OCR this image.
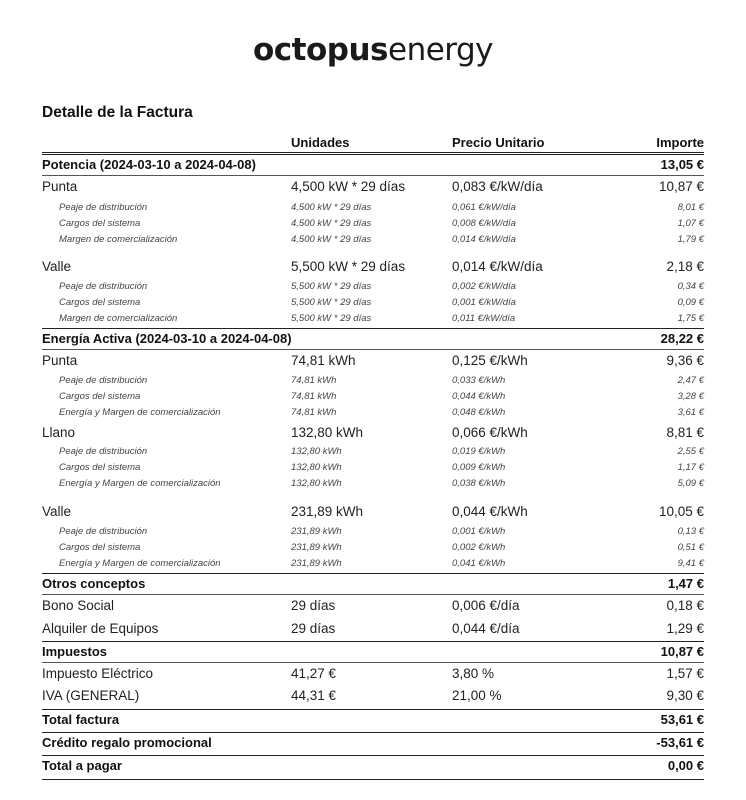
octopusenergy
Detalle de la Factura
Unidades	Precio Unitario	Importe
Potencia (2024-03-10 a 2024-04-08)	13,05 €
Punta	4,500 kW * 29 días	0,083 €/kW/día	10,87 €
Peaje de distribución	4,500 kW * 29 días	0,061 €/kW/día	8,01 €
Cargos del sistema	4,500 kW * 29 días	0,008 €/kW/día	1,07 €
Margen de comercialización	4,500 kW * 29 días	0,014 €/kW/día	1,79 €
Valle	5,500 kW * 29 días	0,014 €/kW/día	2,18 €
Peaje de distribución	5,500 kW * 29 días	0,002 €/kW/día	0,34 €
Cargos del sistema	5,500 kW * 29 días	0,001 €/kW/día	0,09 €
Margen de comercialización	5,500 kW * 29 días	0,011 €/kW/día	1,75 €
Energía Activa (2024-03-10 a 2024-04-08)	28,22 €
Punta	74,81 kWh	0,125 €/kWh	9,36 €
Peaje de distribución	74,81 kWh	0,033 €/kWh	2,47 €
Cargos del sistema	74,81 kWh	0,044 €/kWh	3,28 €
Energía y Margen de comercialización	74,81 kWh	0,048 €/kWh	3,61 €
Llano	132,80 kWh	0,066 €/kWh	8,81 €
Peaje de distribución	132,80 kWh	0,019 €/kWh	2,55 €
Cargos del sistema	132,80 kWh	0,009 €/kWh	1,17 €
Energía y Margen de comercialización	132,80 kWh	0,038 €/kWh	5,09 €
Valle	231,89 kWh	0,044 €/kWh	10,05 €
Peaje de distribución	231,89 kWh	0,001 €/kWh	0,13 €
Cargos del sistema	231,89 kWh	0,002 €/kWh	0,51 €
Energía y Margen de comercialización	231,89 kWh	0,041 €/kWh	9,41 €
Otros conceptos	1,47 €
Bono Social	29 días	0,006 €/día	0,18 €
Alquiler de Equipos	29 días	0,044 €/día	1,29 €
Impuestos	10,87 €
Impuesto Eléctrico	41,27 €	3,80 %	1,57 €
IVA (GENERAL)	44,31 €	21,00 %	9,30 €
Total factura	53,61 €
Crédito regalo promocional	-53,61 €
Total a pagar	0,00 €
